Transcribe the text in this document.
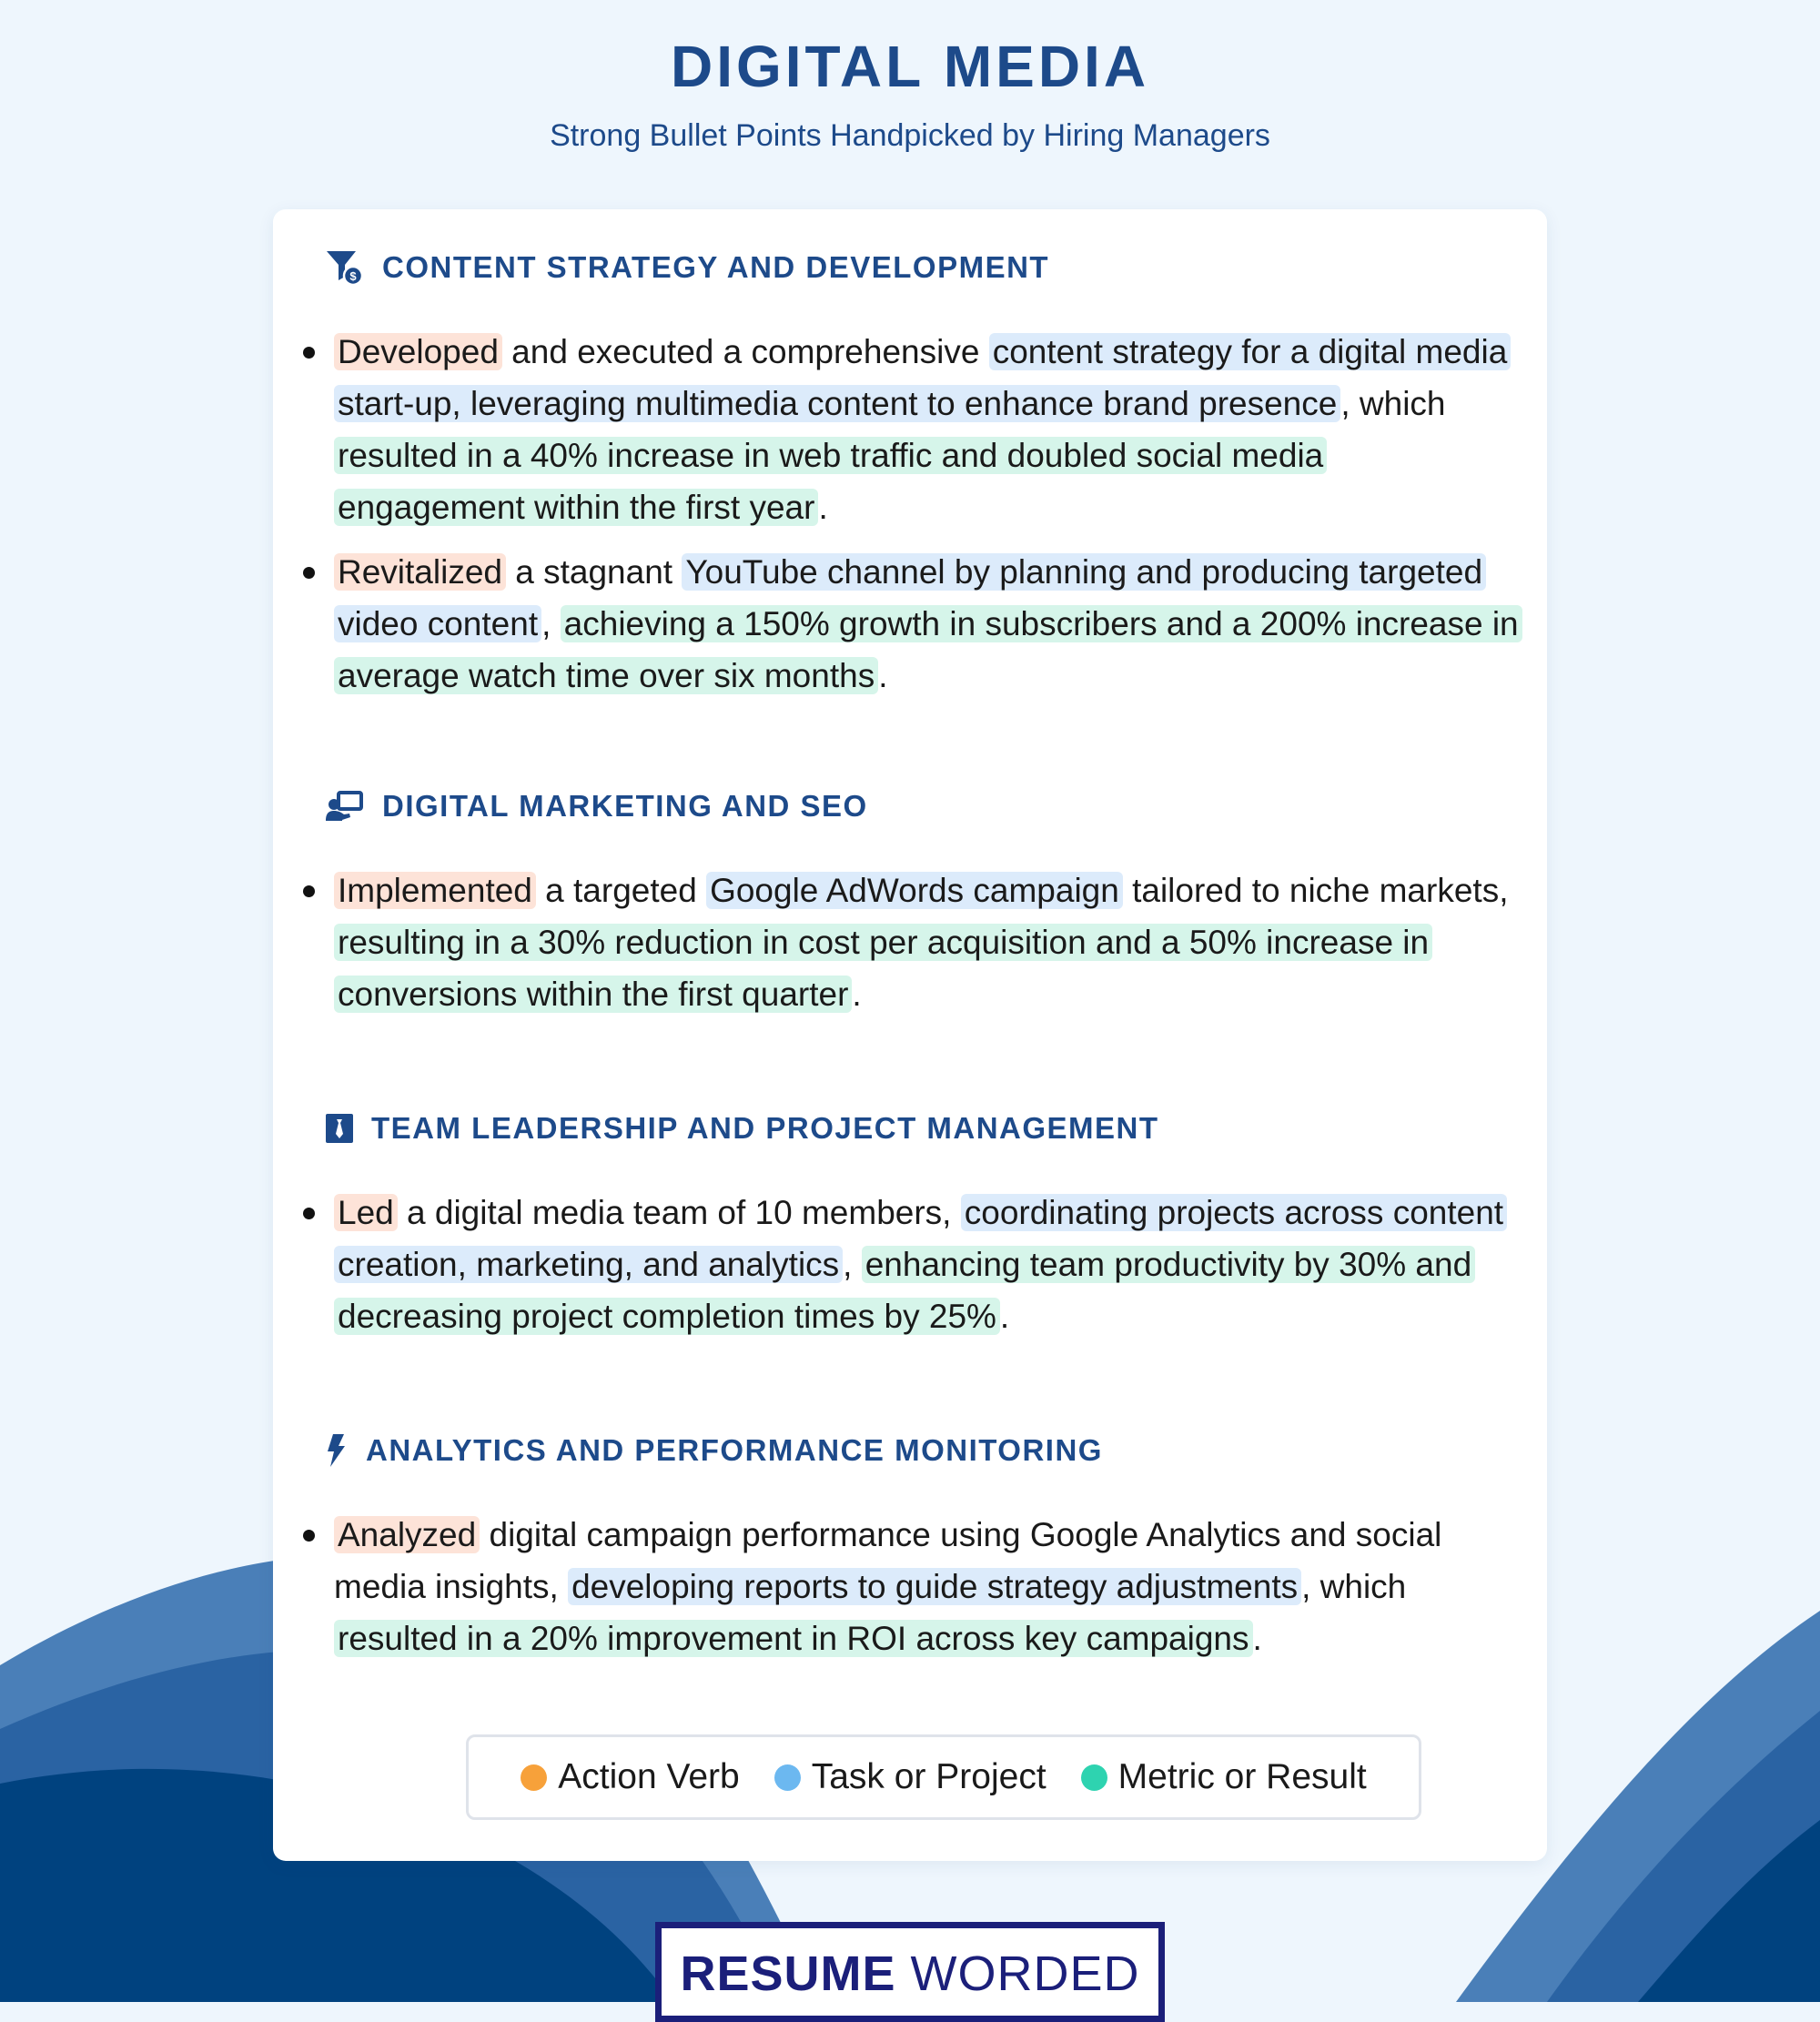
DIGITAL MEDIA
Strong Bullet Points Handpicked by Hiring Managers
$ CONTENT STRATEGY AND DEVELOPMENT
Developed and executed a comprehensive content strategy for a digital media start-up, leveraging multimedia content to enhance brand presence , which resulted in a 40% increase in web traffic and doubled social media engagement within the first year .
Revitalized a stagnant YouTube channel by planning and producing targeted video content , achieving a 150% growth in subscribers and a 200% increase in average watch time over six months .
DIGITAL MARKETING AND SEO
Implemented a targeted Google AdWords campaign tailored to niche markets, resulting in a 30% reduction in cost per acquisition and a 50% increase in conversions within the first quarter .
TEAM LEADERSHIP AND PROJECT MANAGEMENT
Led a digital media team of 10 members, coordinating projects across content creation, marketing, and analytics , enhancing team productivity by 30% and decreasing project completion times by 25% .
ANALYTICS AND PERFORMANCE MONITORING
Analyzed digital campaign performance using Google Analytics and social media insights, developing reports to guide strategy adjustments , which resulted in a 20% improvement in ROI across key campaigns .
Action Verb Task or Project Metric or Result
RESUME WORDED
